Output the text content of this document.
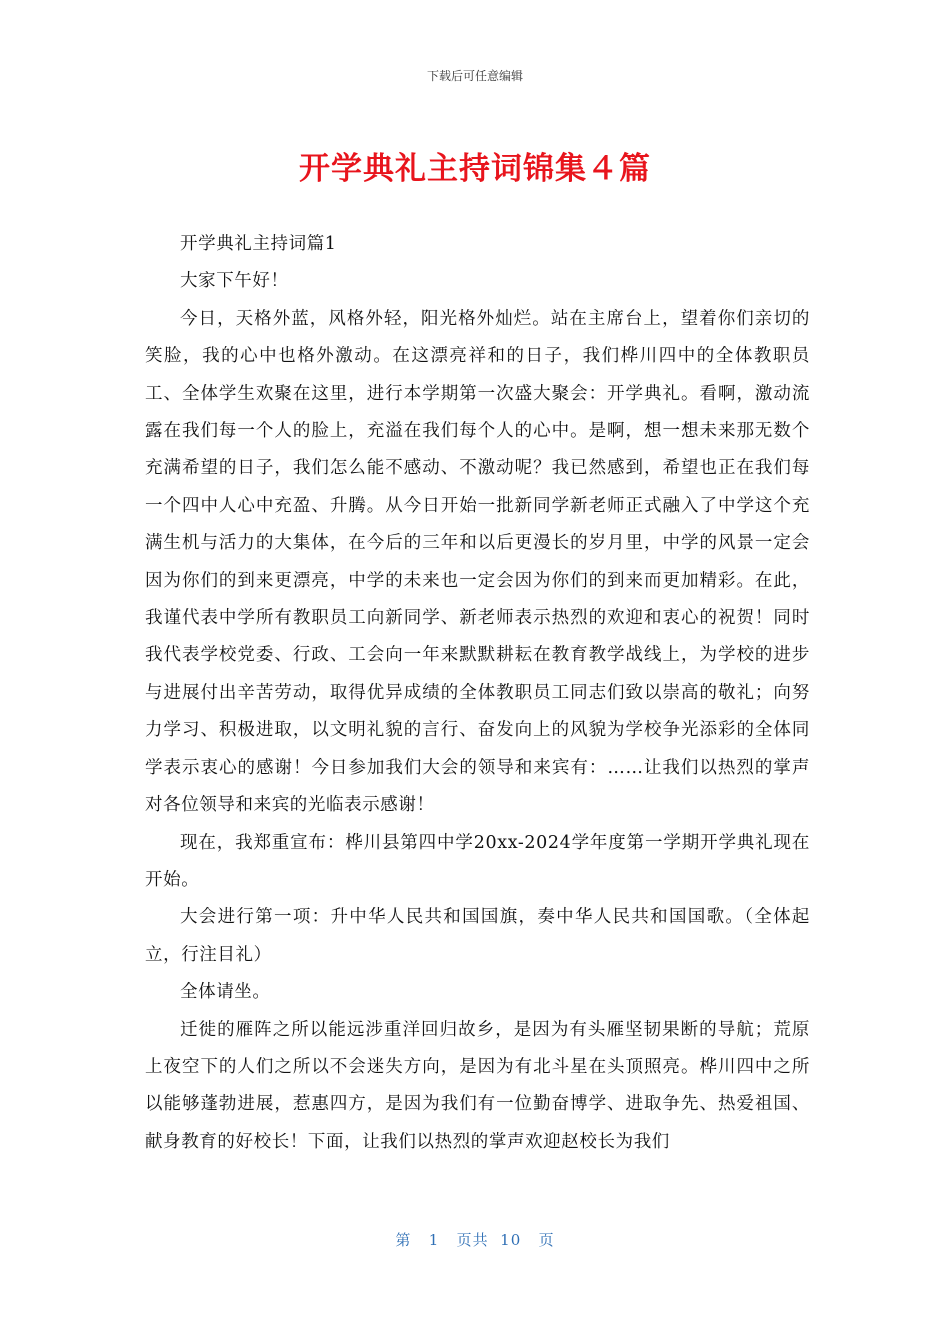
下载后可任意编辑
开学典礼主持词锦集４篇

开学典礼主持词篇1

大家下午好！

今日，天格外蓝，风格外轻，阳光格外灿烂。站在主席台上，望着你们亲切的笑脸，我的心中也格外激动。在这漂亮祥和的日子，我们桦川四中的全体教职员工、全体学生欢聚在这里，进行本学期第一次盛大聚会：开学典礼。看啊，激动流露在我们每一个人的脸上，充溢在我们每个人的心中。是啊，想一想未来那无数个充满希望的日子，我们怎么能不感动、不激动呢？我已然感到，希望也正在我们每一个四中人心中充盈、升腾。从今日开始一批新同学新老师正式融入了中学这个充满生机与活力的大集体，在今后的三年和以后更漫长的岁月里，中学的风景一定会因为你们的到来更漂亮，中学的未来也一定会因为你们的到来而更加精彩。在此，我谨代表中学所有教职员工向新同学、新老师表示热烈的欢迎和衷心的祝贺！同时我代表学校党委、行政、工会向一年来默默耕耘在教育教学战线上，为学校的进步与进展付出辛苦劳动，取得优异成绩的全体教职员工同志们致以崇高的敬礼；向努力学习、积极进取，以文明礼貌的言行、奋发向上的风貌为学校争光添彩的全体同学表示衷心的感谢！今日参加我们大会的领导和来宾有：……让我们以热烈的掌声对各位领导和来宾的光临表示感谢！

现在，我郑重宣布：桦川县第四中学20xx-2024学年度第一学期开学典礼现在开始。

大会进行第一项：升中华人民共和国国旗，奏中华人民共和国国歌。（全体起立，行注目礼）

全体请坐。

迁徙的雁阵之所以能远涉重洋回归故乡，是因为有头雁坚韧果断的导航；荒原上夜空下的人们之所以不会迷失方向，是因为有北斗星在头顶照亮。桦川四中之所以能够蓬勃进展，惹惠四方，是因为我们有一位勤奋博学、进取争先、热爱祖国、献身教育的好校长！下面，让我们以热烈的掌声欢迎赵校长为我们

第 1 页共 10 页
